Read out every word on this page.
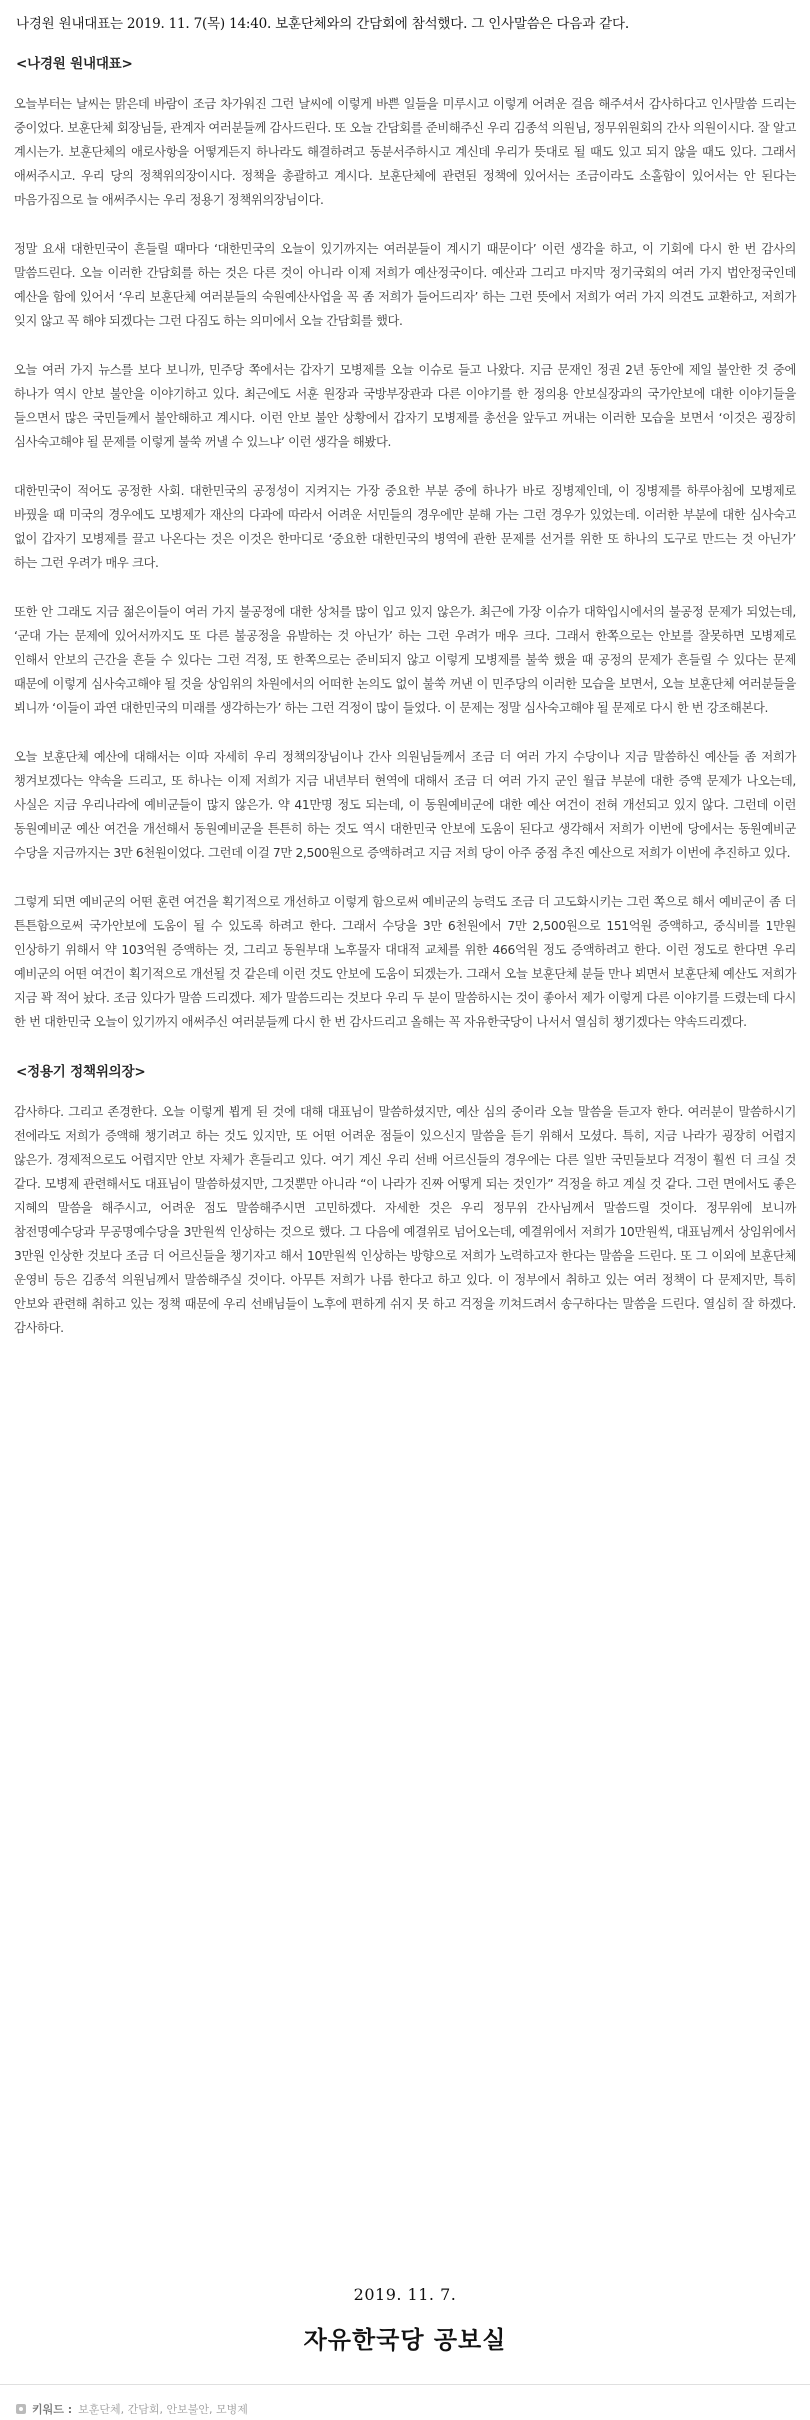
나경원 원내대표는 2019. 11. 7(목) 14:40. 보훈단체와의 간담회에 참석했다. 그 인사말씀은 다음과 같다.
<나경원 원내대표>

오늘부터는 날씨는 맑은데 바람이 조금 차가워진 그런 날씨에 이렇게 바쁜 일들을 미루시고 이렇게 어려운 걸음 해주셔서 감사하다고 인사말씀 드리는 중이었다. 보훈단체 회장님들, 관계자 여러분들께 감사드린다. 또 오늘 간담회를 준비해주신 우리 김종석 의원님, 정무위원회의 간사 의원이시다. 잘 알고 계시는가. 보훈단체의 애로사항을 어떻게든지 하나라도 해결하려고 동분서주하시고 계신데 우리가 뜻대로 될 때도 있고 되지 않을 때도 있다. 그래서 애써주시고. 우리 당의 정책위의장이시다. 정책을 총괄하고 계시다. 보훈단체에 관련된 정책에 있어서는 조금이라도 소홀함이 있어서는 안 된다는 마음가짐으로 늘 애써주시는 우리 정용기 정책위의장님이다.

정말 요새 대한민국이 흔들릴 때마다 ‘대한민국의 오늘이 있기까지는 여러분들이 계시기 때문이다’ 이런 생각을 하고, 이 기회에 다시 한 번 감사의 말씀드린다. 오늘 이러한 간담회를 하는 것은 다른 것이 아니라 이제 저희가 예산정국이다. 예산과 그리고 마지막 정기국회의 여러 가지 법안정국인데 예산을 함에 있어서 ‘우리 보훈단체 여러분들의 숙원예산사업을 꼭 좀 저희가 들어드리자’ 하는 그런 뜻에서 저희가 여러 가지 의견도 교환하고, 저희가 잊지 않고 꼭 해야 되겠다는 그런 다짐도 하는 의미에서 오늘 간담회를 했다.

오늘 여러 가지 뉴스를 보다 보니까, 민주당 쪽에서는 갑자기 모병제를 오늘 이슈로 들고 나왔다. 지금 문재인 정권 2년 동안에 제일 불안한 것 중에 하나가 역시 안보 불안을 이야기하고 있다. 최근에도 서훈 원장과 국방부장관과 다른 이야기를 한 정의용 안보실장과의 국가안보에 대한 이야기들을 들으면서 많은 국민들께서 불안해하고 계시다. 이런 안보 불안 상황에서 갑자기 모병제를 총선을 앞두고 꺼내는 이러한 모습을 보면서 ‘이것은 굉장히 심사숙고해야 될 문제를 이렇게 불쑥 꺼낼 수 있느냐’ 이런 생각을 해봤다.

대한민국이 적어도 공정한 사회. 대한민국의 공정성이 지켜지는 가장 중요한 부분 중에 하나가 바로 징병제인데, 이 징병제를 하루아침에 모병제로 바꿨을 때 미국의 경우에도 모병제가 재산의 다과에 따라서 어려운 서민들의 경우에만 분해 가는 그런 경우가 있었는데. 이러한 부분에 대한 심사숙고 없이 갑자기 모병제를 끌고 나온다는 것은 이것은 한마디로 ‘중요한 대한민국의 병역에 관한 문제를 선거를 위한 또 하나의 도구로 만드는 것 아닌가’ 하는 그런 우려가 매우 크다.

또한 안 그래도 지금 젊은이들이 여러 가지 불공정에 대한 상처를 많이 입고 있지 않은가. 최근에 가장 이슈가 대학입시에서의 불공정 문제가 되었는데, ‘군대 가는 문제에 있어서까지도 또 다른 불공정을 유발하는 것 아닌가’ 하는 그런 우려가 매우 크다. 그래서 한쪽으로는 안보를 잘못하면 모병제로 인해서 안보의 근간을 흔들 수 있다는 그런 걱정, 또 한쪽으로는 준비되지 않고 이렇게 모병제를 불쑥 했을 때 공정의 문제가 흔들릴 수 있다는 문제 때문에 이렇게 심사숙고해야 될 것을 상임위의 차원에서의 어떠한 논의도 없이 불쑥 꺼낸 이 민주당의 이러한 모습을 보면서, 오늘 보훈단체 여러분들을 뵈니까 ‘이들이 과연 대한민국의 미래를 생각하는가’ 하는 그런 걱정이 많이 들었다. 이 문제는 정말 심사숙고해야 될 문제로 다시 한 번 강조해본다.

오늘 보훈단체 예산에 대해서는 이따 자세히 우리 정책의장님이나 간사 의원님들께서 조금 더 여러 가지 수당이나 지금 말씀하신 예산들 좀 저희가 챙겨보겠다는 약속을 드리고, 또 하나는 이제 저희가 지금 내년부터 현역에 대해서 조금 더 여러 가지 군인 월급 부분에 대한 증액 문제가 나오는데, 사실은 지금 우리나라에 예비군들이 많지 않은가. 약 41만명 정도 되는데, 이 동원예비군에 대한 예산 여건이 전혀 개선되고 있지 않다. 그런데 이런 동원예비군 예산 여건을 개선해서 동원예비군을 튼튼히 하는 것도 역시 대한민국 안보에 도움이 된다고 생각해서 저희가 이번에 당에서는 동원예비군 수당을 지금까지는 3만 6천원이었다. 그런데 이걸 7만 2,500원으로 증액하려고 지금 저희 당이 아주 중점 추진 예산으로 저희가 이번에 추진하고 있다.

그렇게 되면 예비군의 어떤 훈련 여건을 획기적으로 개선하고 이렇게 함으로써 예비군의 능력도 조금 더 고도화시키는 그런 쪽으로 해서 예비군이 좀 더 튼튼함으로써 국가안보에 도움이 될 수 있도록 하려고 한다. 그래서 수당을 3만 6천원에서 7만 2,500원으로 151억원 증액하고, 중식비를 1만원 인상하기 위해서 약 103억원 증액하는 것, 그리고 동원부대 노후물자 대대적 교체를 위한 466억원 정도 증액하려고 한다. 이런 정도로 한다면 우리 예비군의 어떤 여건이 획기적으로 개선될 것 같은데 이런 것도 안보에 도움이 되겠는가. 그래서 오늘 보훈단체 분들 만나 뵈면서 보훈단체 예산도 저희가 지금 꽉 적어 놨다. 조금 있다가 말씀 드리겠다. 제가 말씀드리는 것보다 우리 두 분이 말씀하시는 것이 좋아서 제가 이렇게 다른 이야기를 드렸는데 다시 한 번 대한민국 오늘이 있기까지 애써주신 여러분들께 다시 한 번 감사드리고 올해는 꼭 자유한국당이 나서서 열심히 챙기겠다는 약속드리겠다.

<정용기 정책위의장>

감사하다. 그리고 존경한다. 오늘 이렇게 뵙게 된 것에 대해 대표님이 말씀하셨지만, 예산 심의 중이라 오늘 말씀을 듣고자 한다. 여러분이 말씀하시기 전에라도 저희가 증액해 챙기려고 하는 것도 있지만, 또 어떤 어려운 점들이 있으신지 말씀을 듣기 위해서 모셨다. 특히, 지금 나라가 굉장히 어렵지 않은가. 경제적으로도 어렵지만 안보 자체가 흔들리고 있다. 여기 계신 우리 선배 어르신들의 경우에는 다른 일반 국민들보다 걱정이 훨씬 더 크실 것 같다. 모병제 관련해서도 대표님이 말씀하셨지만, 그것뿐만 아니라 “이 나라가 진짜 어떻게 되는 것인가” 걱정을 하고 계실 것 같다. 그런 면에서도 좋은 지혜의 말씀을 해주시고, 어려운 점도 말씀해주시면 고민하겠다. 자세한 것은 우리 정무위 간사님께서 말씀드릴 것이다. 정무위에 보니까 참전명예수당과 무공명예수당을 3만원씩 인상하는 것으로 했다. 그 다음에 예결위로 넘어오는데, 예결위에서 저희가 10만원씩, 대표님께서 상임위에서 3만원 인상한 것보다 조금 더 어르신들을 챙기자고 해서 10만원씩 인상하는 방향으로 저희가 노력하고자 한다는 말씀을 드린다. 또 그 이외에 보훈단체 운영비 등은 김종석 의원님께서 말씀해주실 것이다. 아무튼 저희가 나름 한다고 하고 있다. 이 정부에서 취하고 있는 여러 정책이 다 문제지만, 특히 안보와 관련해 취하고 있는 정책 때문에 우리 선배님들이 노후에 편하게 쉬지 못 하고 걱정을 끼쳐드려서 송구하다는 말씀을 드린다. 열심히 잘 하겠다. 감사하다.

2019. 11. 7.
자유한국당 공보실
키워드 : 보훈단체 , 간담회 , 안보불안 , 모병제
